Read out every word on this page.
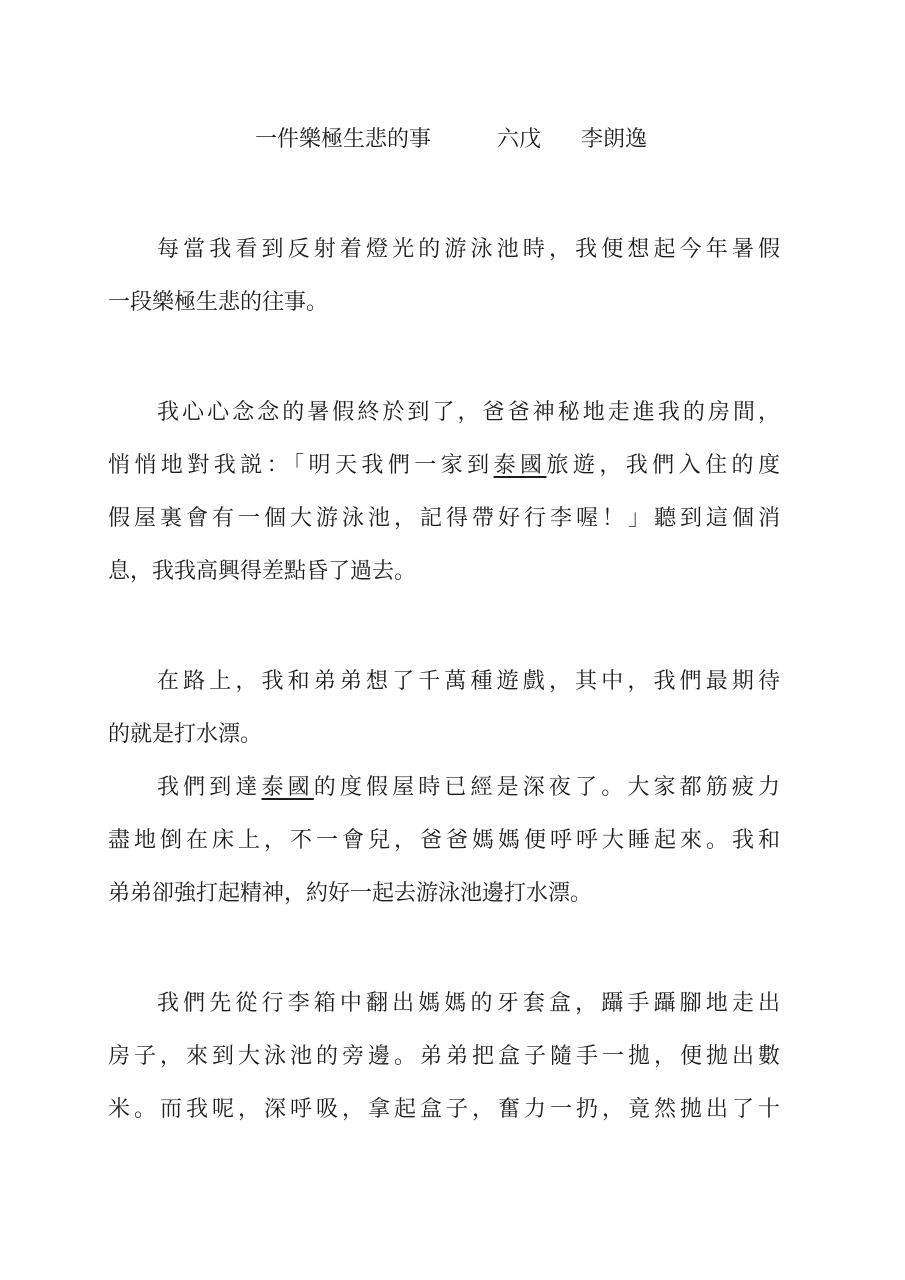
一件樂極生悲的事	六戊 李朗逸
每當我看到反射着燈光的游泳池時，我便想起今年暑假
一段樂極生悲的往事。
我心心念念的暑假終於到了，爸爸神秘地走進我的房間，
悄悄地對我説：「明天我們一家到泰國旅遊，我們入住的度
假屋裏會有一個大游泳池，記得帶好行李喔！」聽到這個消
息，我我高興得差點昏了過去。
在路上，我和弟弟想了千萬種遊戲，其中，我們最期待
的就是打水漂。
我們到達泰國的度假屋時已經是深夜了。大家都筋疲力
盡地倒在床上，不一會兒，爸爸媽媽便呼呼大睡起來。我和
弟弟卻強打起精神，約好一起去游泳池邊打水漂。
我們先從行李箱中翻出媽媽的牙套盒，躡手躡腳地走出
房子，來到大泳池的旁邊。弟弟把盒子隨手一拋，便拋出數
米。而我呢，深呼吸，拿起盒子，奮力一扔，竟然拋出了十
